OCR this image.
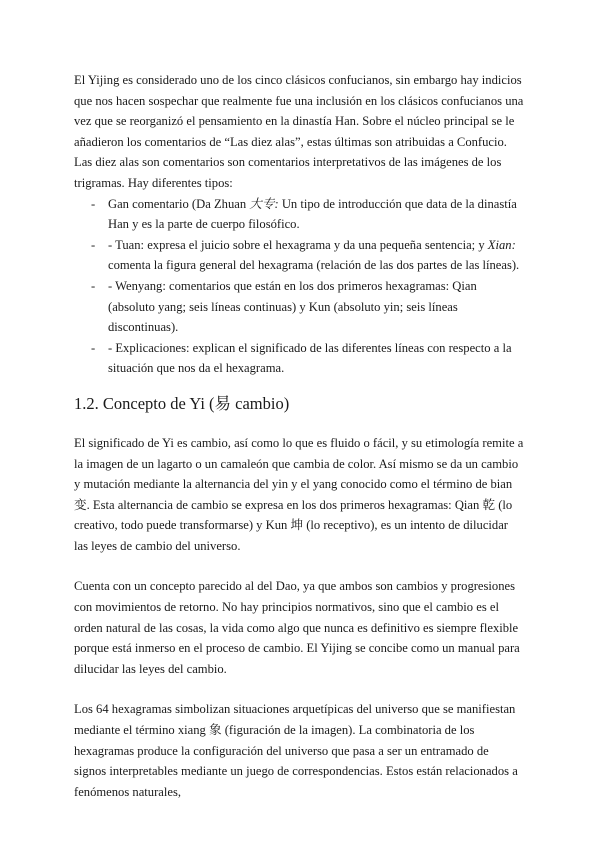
El Yijing es considerado uno de los cinco clásicos confucianos, sin embargo hay indicios que nos hacen sospechar que realmente fue una inclusión en los clásicos confucianos una vez que se reorganizó el pensamiento en la dinastía Han. Sobre el núcleo principal se le añadieron los comentarios de “Las diez alas”, estas últimas son atribuidas a Confucio.

Las diez alas son comentarios son comentarios interpretativos de las imágenes de los trigramas. Hay diferentes tipos:

- Gan comentario (Da Zhuan 大专: Un tipo de introducción que data de la dinastía Han y es la parte de cuerpo filosófico.
- - Tuan: expresa el juicio sobre el hexagrama y da una pequeña sentencia; y Xian: comenta la figura general del hexagrama (relación de las dos partes de las líneas).
- - Wenyang: comentarios que están en los dos primeros hexagramas: Qian (absoluto yang; seis líneas continuas) y Kun (absoluto yin; seis líneas discontinuas).
- - Explicaciones: explican el significado de las diferentes líneas con respecto a la situación que nos da el hexagrama.
1.2. Concepto de Yi (易 cambio)

El significado de Yi es cambio, así como lo que es fluido o fácil, y su etimología remite a la imagen de un lagarto o un camaleón que cambia de color. Así mismo se da un cambio y mutación mediante la alternancia del yin y el yang conocido como el término de bian 变. Esta alternancia de cambio se expresa en los dos primeros hexagramas: Qian 乾 (lo creativo, todo puede transformarse) y Kun 坤 (lo receptivo), es un intento de dilucidar las leyes de cambio del universo.

Cuenta con un concepto parecido al del Dao, ya que ambos son cambios y progresiones con movimientos de retorno. No hay principios normativos, sino que el cambio es el orden natural de las cosas, la vida como algo que nunca es definitivo es siempre flexible porque está inmerso en el proceso de cambio. El Yijing se concibe como un manual para dilucidar las leyes del cambio.

Los 64 hexagramas simbolizan situaciones arquetípicas del universo que se manifiestan mediante el término xiang 象 (figuración de la imagen). La combinatoria de los hexagramas produce la configuración del universo que pasa a ser un entramado de signos interpretables mediante un juego de correspondencias. Estos están relacionados a fenómenos naturales,
